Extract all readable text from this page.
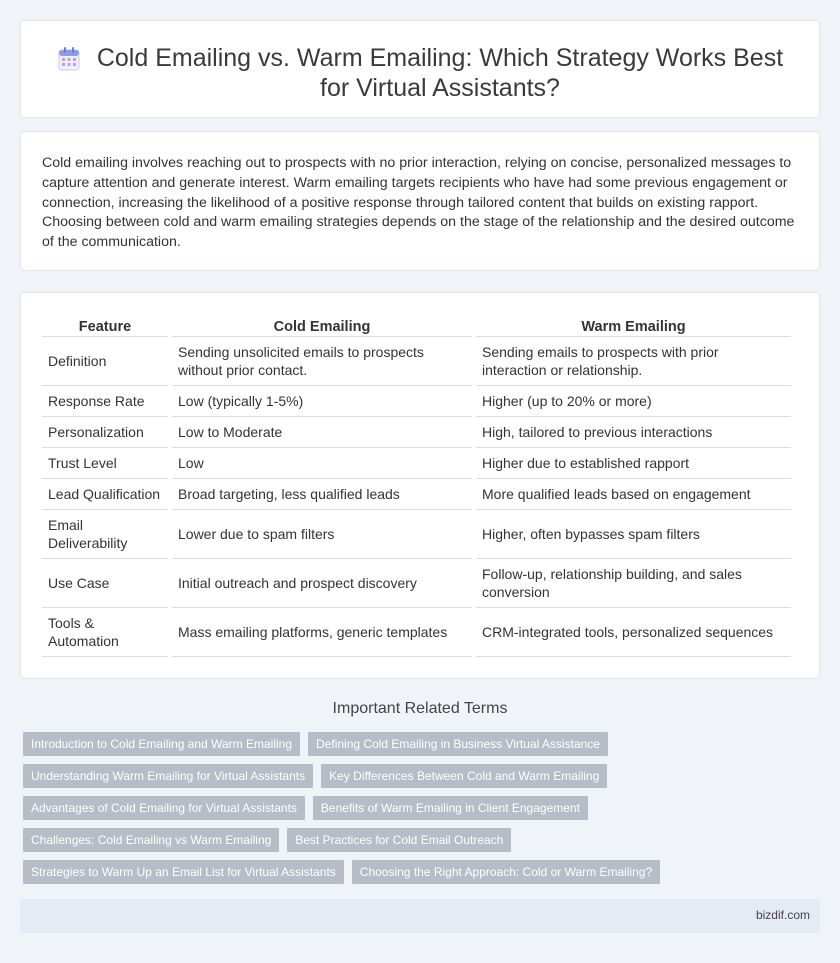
Cold Emailing vs. Warm Emailing: Which Strategy Works Best for Virtual Assistants?

Cold emailing involves reaching out to prospects with no prior interaction, relying on concise, personalized messages to capture attention and generate interest. Warm emailing targets recipients who have had some previous engagement or connection, increasing the likelihood of a positive response through tailored content that builds on existing rapport. Choosing between cold and warm emailing strategies depends on the stage of the relationship and the desired outcome of the communication.

Feature	Cold Emailing	Warm Emailing
Definition	Sending unsolicited emails to prospects without prior contact.	Sending emails to prospects with prior interaction or relationship.
Response Rate	Low (typically 1-5%)	Higher (up to 20% or more)
Personalization	Low to Moderate	High, tailored to previous interactions
Trust Level	Low	Higher due to established rapport
Lead Qualification	Broad targeting, less qualified leads	More qualified leads based on engagement
Email Deliverability	Lower due to spam filters	Higher, often bypasses spam filters
Use Case	Initial outreach and prospect discovery	Follow-up, relationship building, and sales conversion
Tools & Automation	Mass emailing platforms, generic templates	CRM-integrated tools, personalized sequences
Important Related Terms
Introduction to Cold Emailing and Warm Emailing	Defining Cold Emailing in Business Virtual Assistance
Understanding Warm Emailing for Virtual Assistants	Key Differences Between Cold and Warm Emailing
Advantages of Cold Emailing for Virtual Assistants	Benefits of Warm Emailing in Client Engagement
Challenges: Cold Emailing vs Warm Emailing	Best Practices for Cold Email Outreach
Strategies to Warm Up an Email List for Virtual Assistants	Choosing the Right Approach: Cold or Warm Emailing?
bizdif.com
